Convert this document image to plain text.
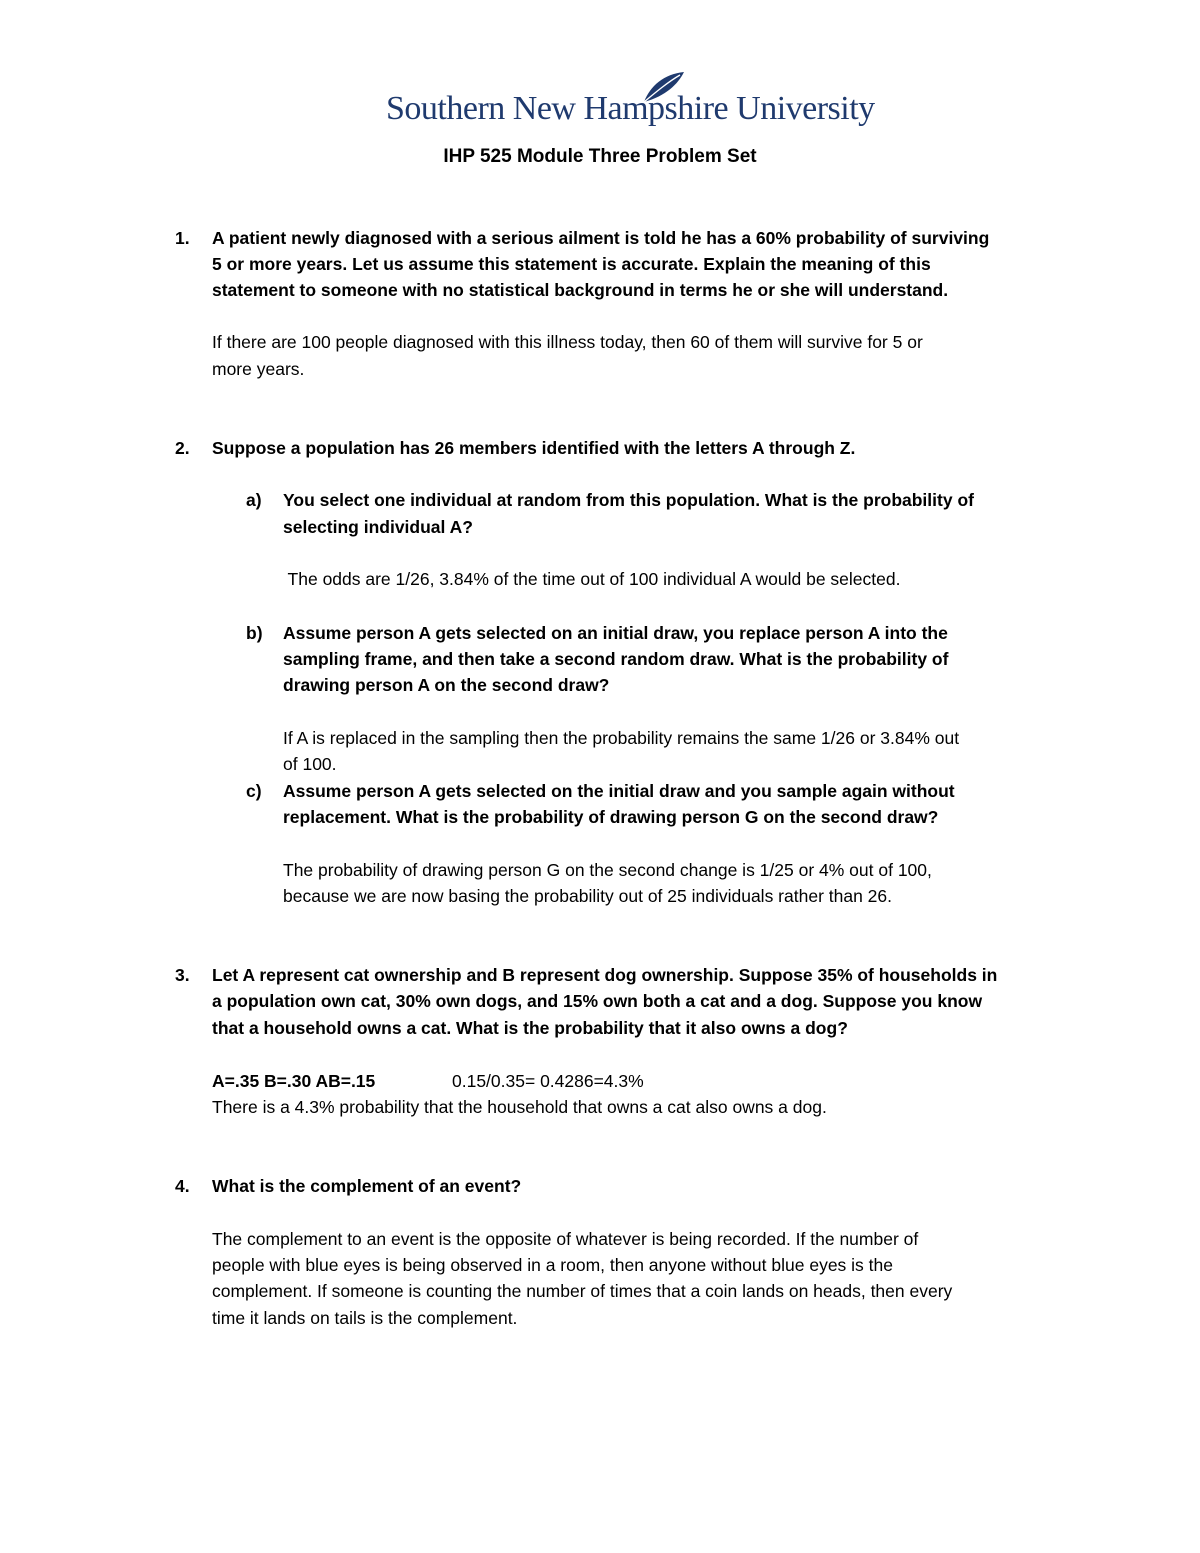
Southern New Hampshire University
IHP 525 Module Three Problem Set
1. A patient newly diagnosed with a serious ailment is told he has a 60% probability of surviving
5 or more years. Let us assume this statement is accurate. Explain the meaning of this
statement to someone with no statistical background in terms he or she will understand.
If there are 100 people diagnosed with this illness today, then 60 of them will survive for 5 or
more years.
2. Suppose a population has 26 members identified with the letters A through Z.
a) You select one individual at random from this population. What is the probability of
selecting individual A?
The odds are 1/26, 3.84% of the time out of 100 individual A would be selected.
b) Assume person A gets selected on an initial draw, you replace person A into the
sampling frame, and then take a second random draw. What is the probability of
drawing person A on the second draw?
If A is replaced in the sampling then the probability remains the same 1/26 or 3.84% out
of 100.
c) Assume person A gets selected on the initial draw and you sample again without
replacement. What is the probability of drawing person G on the second draw?
The probability of drawing person G on the second change is 1/25 or 4% out of 100,
because we are now basing the probability out of 25 individuals rather than 26.
3. Let A represent cat ownership and B represent dog ownership. Suppose 35% of households in
a population own cat, 30% own dogs, and 15% own both a cat and a dog. Suppose you know
that a household owns a cat. What is the probability that it also owns a dog?
A=.35 B=.30 AB=.15	0.15/0.35= 0.4286=4.3%
There is a 4.3% probability that the household that owns a cat also owns a dog.
4. What is the complement of an event?
The complement to an event is the opposite of whatever is being recorded. If the number of
people with blue eyes is being observed in a room, then anyone without blue eyes is the
complement. If someone is counting the number of times that a coin lands on heads, then every
time it lands on tails is the complement.
